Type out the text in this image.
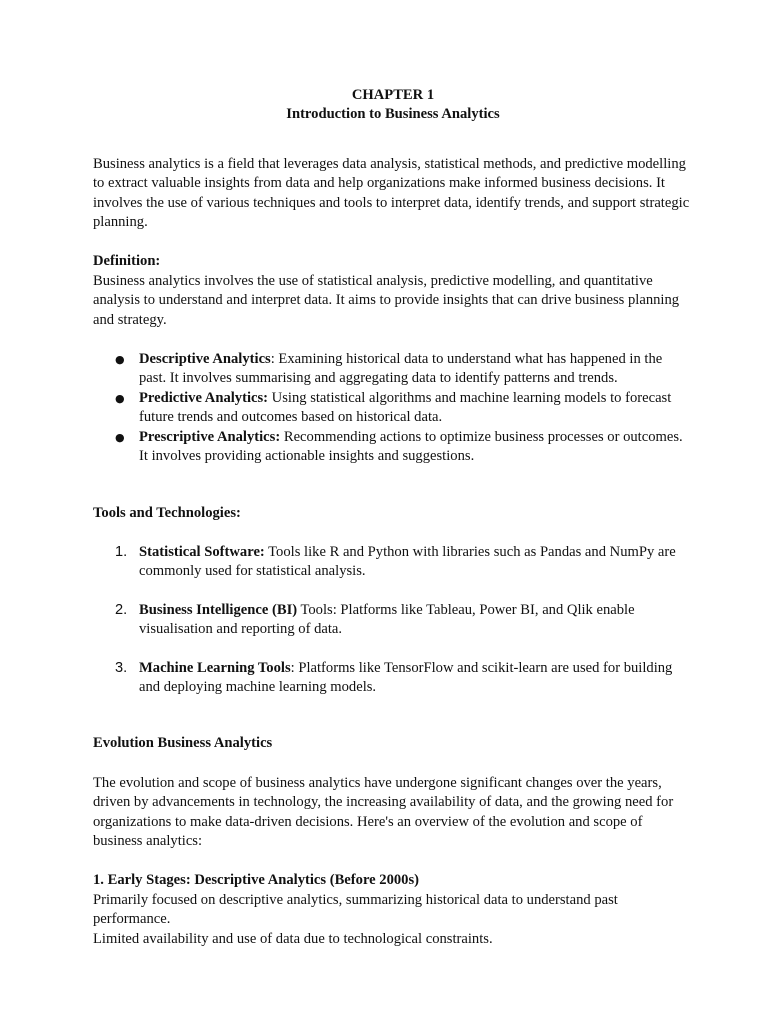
CHAPTER 1

Introduction to Business Analytics

Business analytics is a field that leverages data analysis, statistical methods, and predictive modelling to extract valuable insights from data and help organizations make informed business decisions. It involves the use of various techniques and tools to interpret data, identify trends, and support strategic planning.

Definition:

Business analytics involves the use of statistical analysis, predictive modelling, and quantitative analysis to understand and interpret data. It aims to provide insights that can drive business planning and strategy.

● Descriptive Analytics: Examining historical data to understand what has happened in the past. It involves summarising and aggregating data to identify patterns and trends.
● Predictive Analytics: Using statistical algorithms and machine learning models to forecast future trends and outcomes based on historical data.
● Prescriptive Analytics: Recommending actions to optimize business processes or outcomes. It involves providing actionable insights and suggestions.

Tools and Technologies:

1. Statistical Software: Tools like R and Python with libraries such as Pandas and NumPy are commonly used for statistical analysis.
2. Business Intelligence (BI) Tools: Platforms like Tableau, Power BI, and Qlik enable visualisation and reporting of data.
3. Machine Learning Tools: Platforms like TensorFlow and scikit-learn are used for building and deploying machine learning models.

Evolution Business Analytics

The evolution and scope of business analytics have undergone significant changes over the years, driven by advancements in technology, the increasing availability of data, and the growing need for organizations to make data-driven decisions. Here's an overview of the evolution and scope of business analytics:

1. Early Stages: Descriptive Analytics (Before 2000s)

Primarily focused on descriptive analytics, summarizing historical data to understand past performance.

Limited availability and use of data due to technological constraints.
